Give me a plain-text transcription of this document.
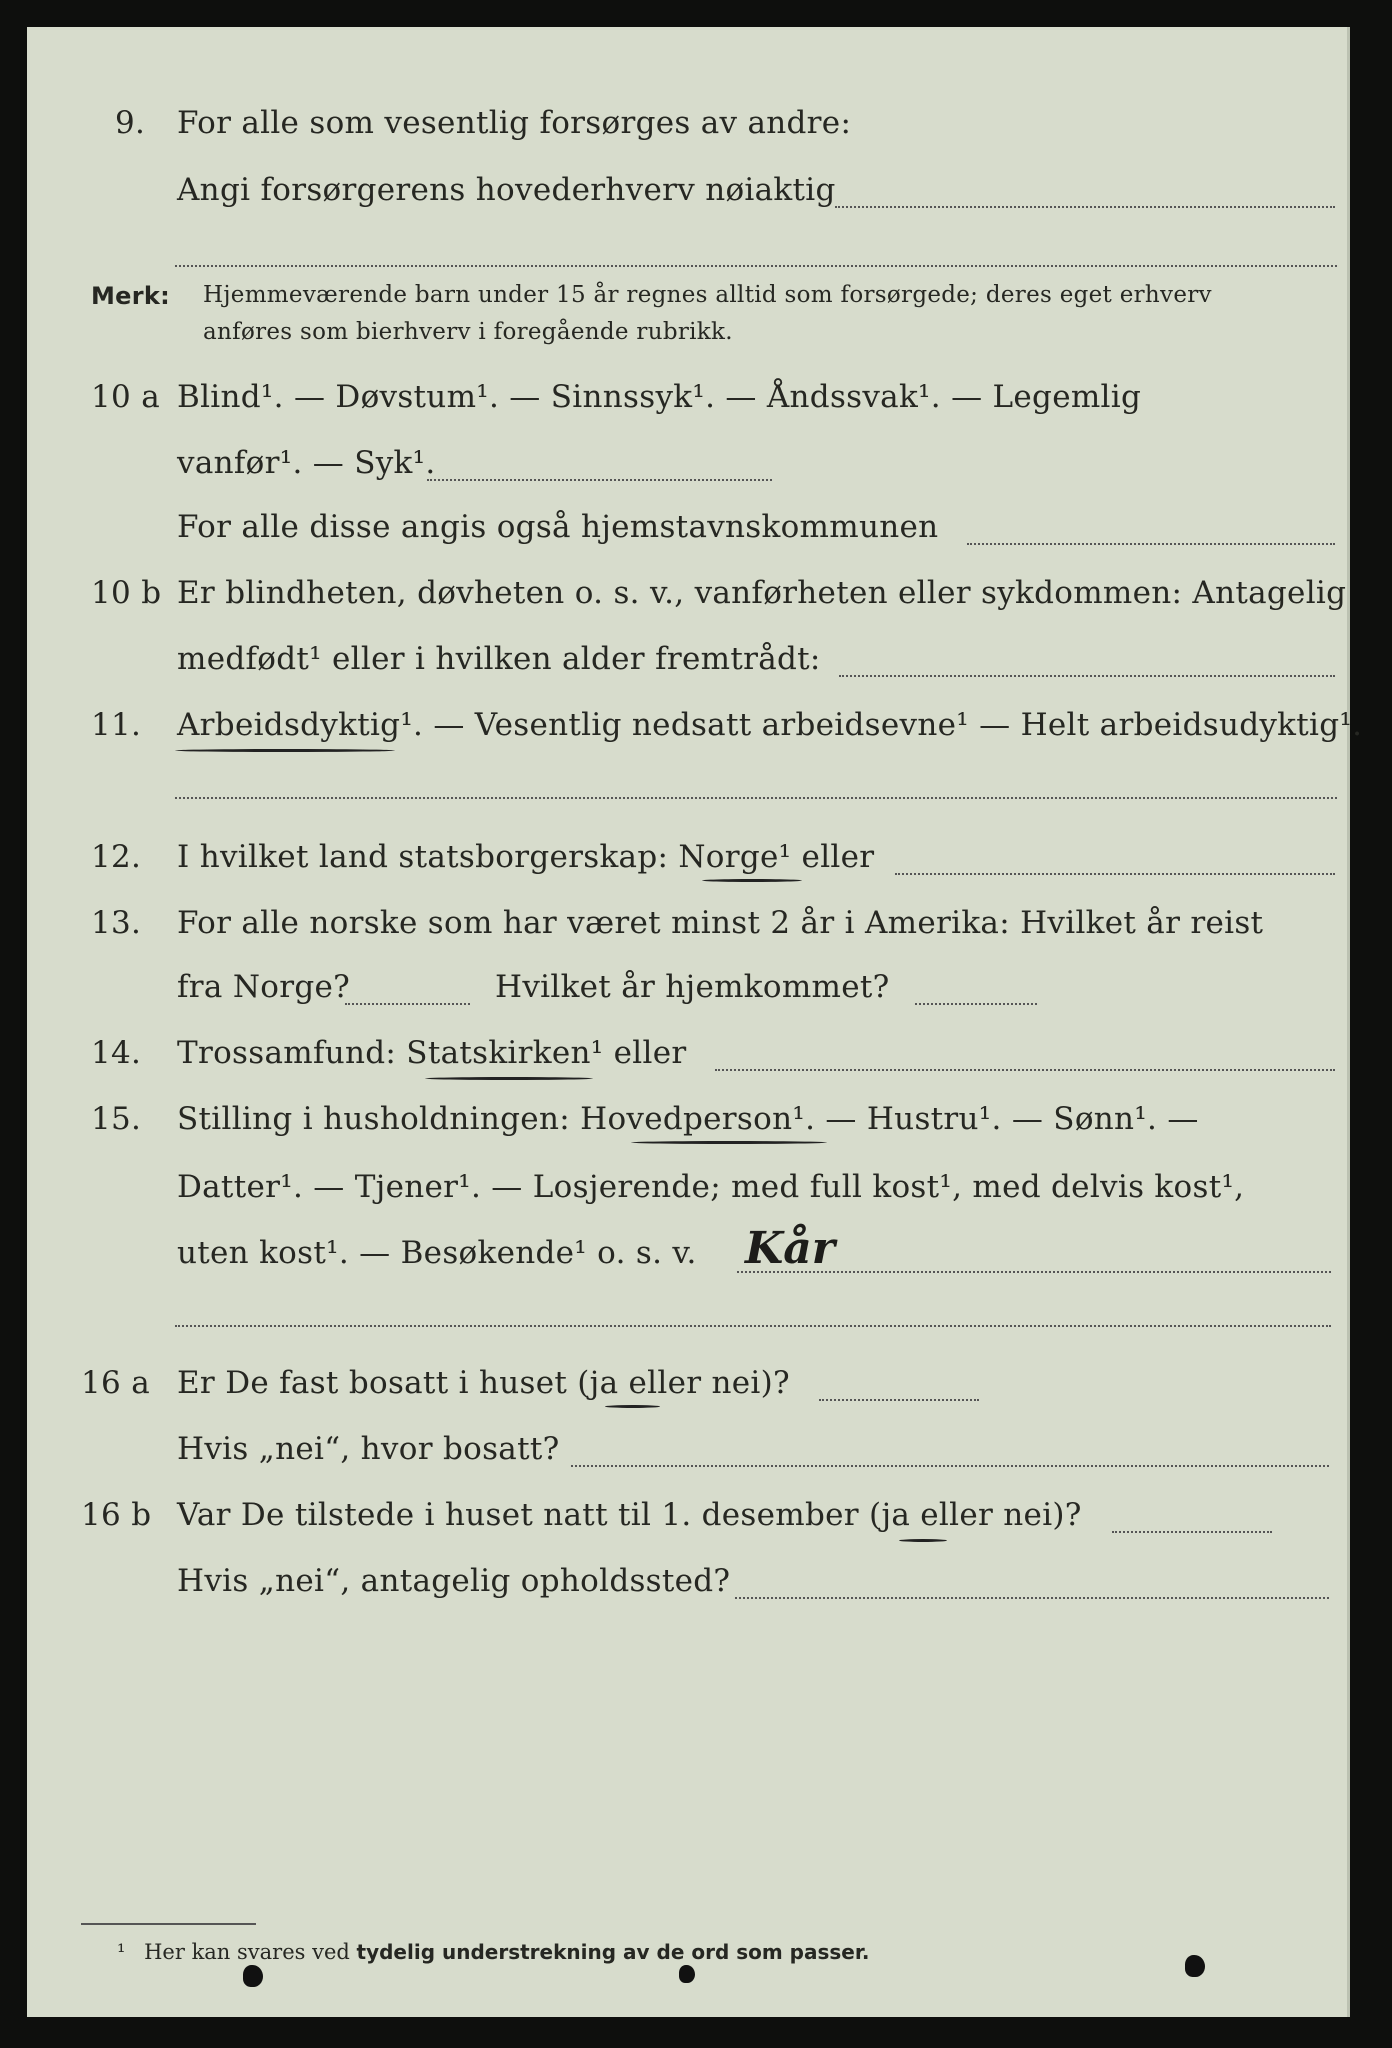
9. For alle som vesentlig forsørges av andre:
Angi forsørgerens hovederhverv nøiaktig
Merk: Hjemmeværende barn under 15 år regnes alltid som forsørgede; deres eget erhverv
anføres som bierhverv i foregående rubrikk.
10 a Blind¹. — Døvstum¹. — Sinnssyk¹. — Åndssvak¹. — Legemlig
vanfør¹. — Syk¹.
For alle disse angis også hjemstavnskommunen
10 b Er blindheten, døvheten o. s. v., vanførheten eller sykdommen: Antagelig
medfødt¹ eller i hvilken alder fremtrådt:
11. Arbeidsdyktig¹. — Vesentlig nedsatt arbeidsevne¹ — Helt arbeidsudyktig¹.
12. I hvilket land statsborgerskap: Norge¹ eller
13. For alle norske som har været minst 2 år i Amerika: Hvilket år reist
fra Norge?	Hvilket år hjemkommet?
14. Trossamfund: Statskirken¹ eller
15. Stilling i husholdningen: Hovedperson¹. — Hustru¹. — Sønn¹. —
Datter¹. — Tjener¹. — Losjerende; med full kost¹, med delvis kost¹,
uten kost¹. — Besøkende¹ o. s. v. Kår
16 a Er De fast bosatt i huset (ja eller nei)?
Hvis „nei“, hvor bosatt?
16 b Var De tilstede i huset natt til 1. desember (ja eller nei)?
Hvis „nei“, antagelig opholdssted?
¹ Her kan svares ved tydelig understrekning av de ord som passer.
